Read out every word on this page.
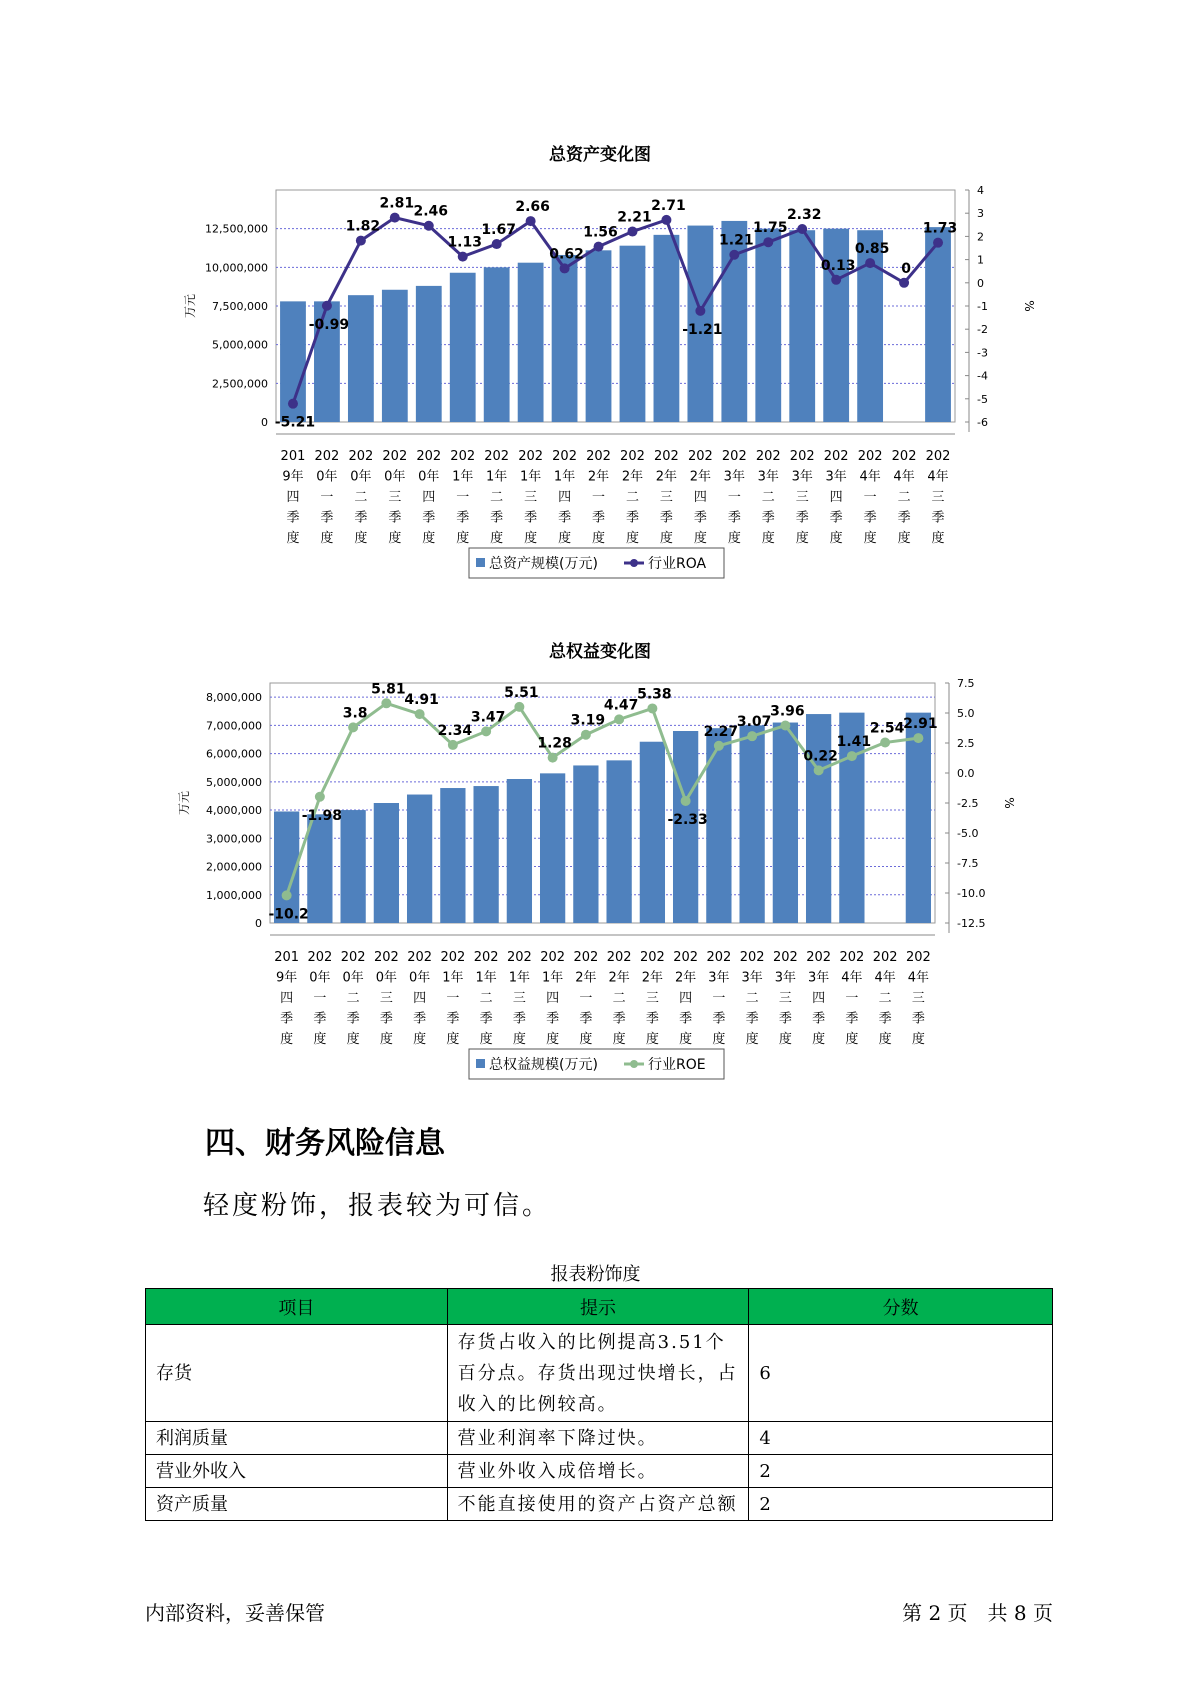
总资产变化图
0
2,500,000
5,000,000
7,500,000
10,000,000
12,500,000
-6
-5
-4
-3
-2
-1
0
1
2
3
4
万元	%
-5.21
-0.99
1.82
2.81
2.46
1.13
1.67
2.66
0.62
1.56
2.21
2.71
-1.21
1.21
1.75
2.32
0.13
0.85
0
1.73
201
9年
四
季
度
202
0年
一
季
度
202
0年
二
季
度
202
0年
三
季
度
202
0年
四
季
度
202
1年
一
季
度
202
1年
二
季
度
202
1年
三
季
度
202
1年
四
季
度
202
2年
一
季
度
202
2年
二
季
度
202
2年
三
季
度
202
2年
四
季
度
202
3年
一
季
度
202
3年
二
季
度
202
3年
三
季
度
202
3年
四
季
度
202
4年
一
季
度
202
4年
二
季
度
202
4年
三
季
度
总资产规模(万元)	行业ROA
总权益变化图
0
1,000,000
2,000,000
3,000,000
4,000,000
5,000,000
6,000,000
7,000,000
8,000,000
-12.5
-10.0
-7.5
-5.0
-2.5
0.0
2.5
5.0
7.5
万元	%
-10.2
-1.98
3.8
5.81
4.91
2.34
3.47
5.51
1.28
3.19
4.47
5.38
-2.33
2.27
3.07
3.96
0.22
1.41
2.54
2.91
201
9年
四
季
度
202
0年
一
季
度
202
0年
二
季
度
202
0年
三
季
度
202
0年
四
季
度
202
1年
一
季
度
202
1年
二
季
度
202
1年
三
季
度
202
1年
四
季
度
202
2年
一
季
度
202
2年
二
季
度
202
2年
三
季
度
202
2年
四
季
度
202
3年
一
季
度
202
3年
二
季
度
202
3年
三
季
度
202
3年
四
季
度
202
4年
一
季
度
202
4年
二
季
度
202
4年
三
季
度
总权益规模(万元)	行业ROE
四、财务风险信息
轻度粉饰，报表较为可信。
报表粉饰度
项目	提示	分数
存货	存货占收入的比例提高3.51个百分点。存货出现过快增长，占收入的比例较高。	6
利润质量	营业利润率下降过快。	4
营业外收入	营业外收入成倍增长。	2
资产质量	不能直接使用的资产占资产总额	2
内部资料，妥善保管	第 2 页　共 8 页
